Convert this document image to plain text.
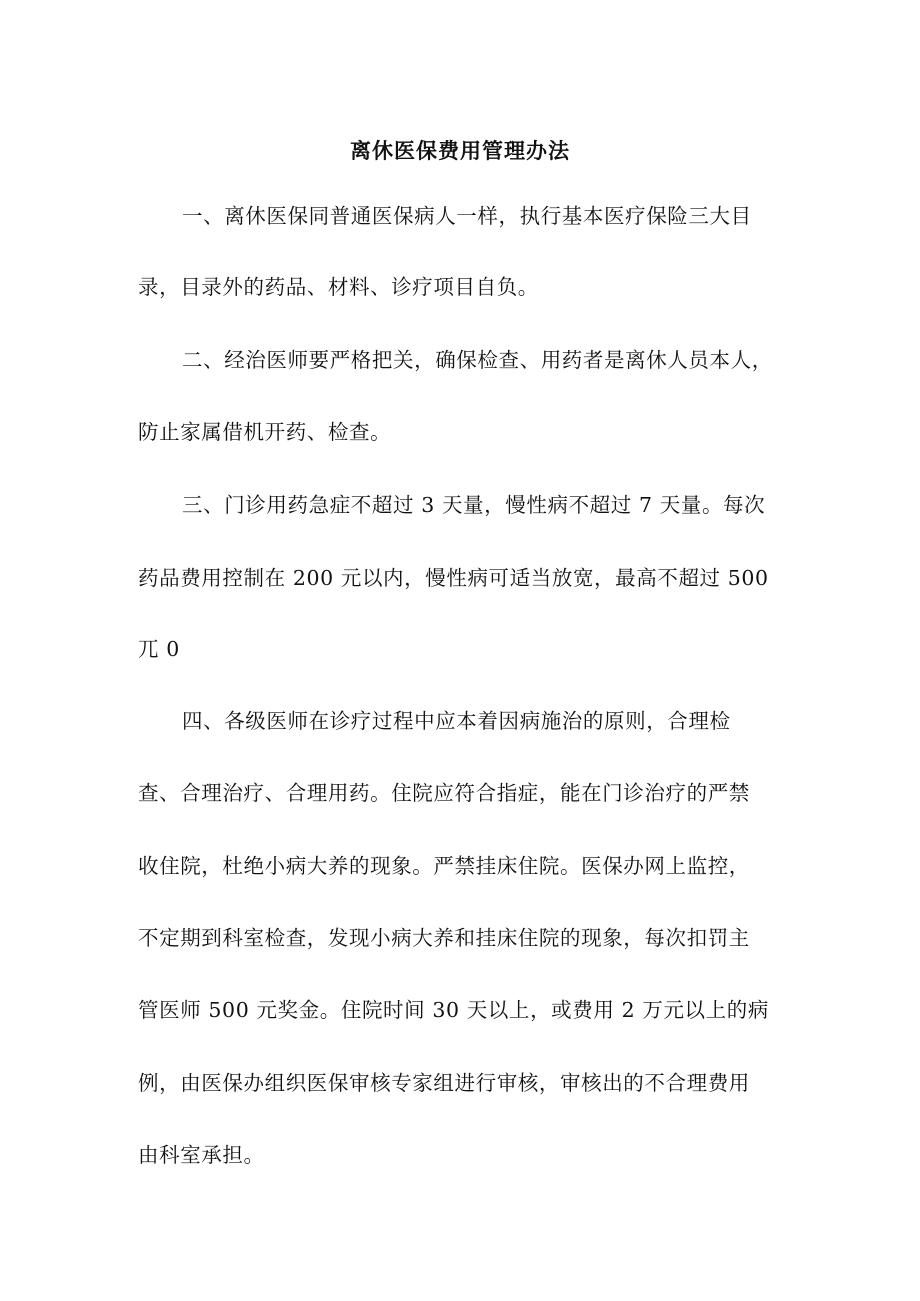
离休医保费用管理办法
一、离休医保同普通医保病人一样，执行基本医疗保险三大目
录，目录外的药品、材料、诊疗项目自负。
二、经治医师要严格把关，确保检查、用药者是离休人员本人，
防止家属借机开药、检查。
三、门诊用药急症不超过 3 天量，慢性病不超过 7 天量。每次
药品费用控制在 200 元以内，慢性病可适当放宽，最高不超过 500
兀 0
四、各级医师在诊疗过程中应本着因病施治的原则，合理检
查、合理治疗、合理用药。住院应符合指症，能在门诊治疗的严禁
收住院，杜绝小病大养的现象。严禁挂床住院。医保办网上监控，
不定期到科室检查，发现小病大养和挂床住院的现象，每次扣罚主
管医师 500 元奖金。住院时间 30 天以上，或费用 2 万元以上的病
例，由医保办组织医保审核专家组进行审核，审核出的不合理费用
由科室承担。
